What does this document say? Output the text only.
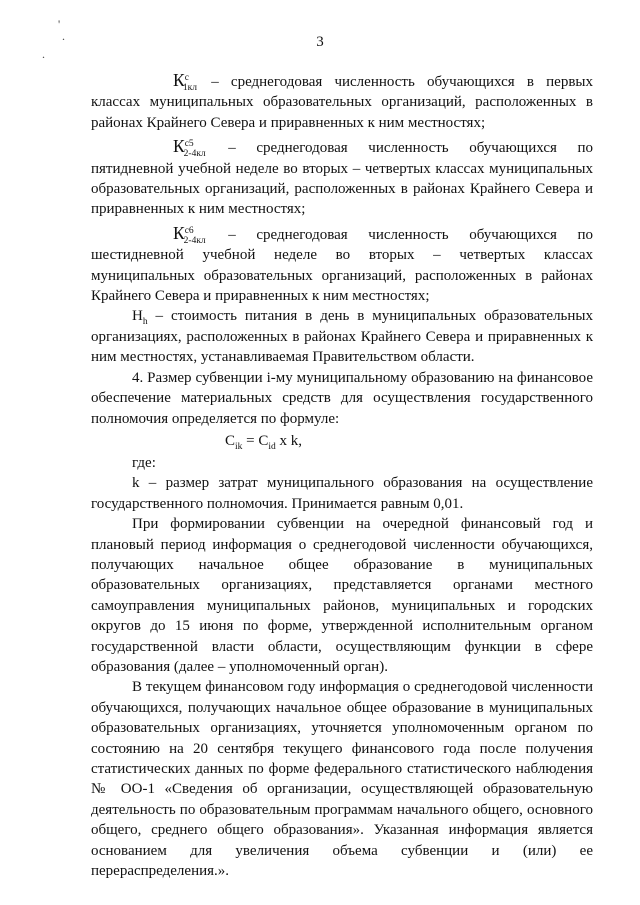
'
.
.
3

$К^c_{1кл}$ – среднегодовая численность обучающихся в первых классах муниципальных образовательных организаций, расположенных в районах Крайнего Севера и приравненных к ним местностях;

$К^{c5}_{2-4кл}$ – среднегодовая численность обучающихся по пятидневной учебной неделе во вторых – четвертых классах муниципальных образовательных организаций, расположенных в районах Крайнего Севера и приравненных к ним местностях;

$К^{c6}_{2-4кл}$ – среднегодовая численность обучающихся по шестидневной учебной неделе во вторых – четвертых классах муниципальных образовательных организаций, расположенных в районах Крайнего Севера и приравненных к ним местностях;

$Н_h$ – стоимость питания в день в муниципальных образовательных организациях, расположенных в районах Крайнего Севера и приравненных к ним местностях, устанавливаемая Правительством области.

4. Размер субвенции i-му муниципальному образованию на финансовое обеспечение материальных средств для осуществления государственного полномочия определяется по формуле:

$C_{ik} = C_{id}$ x k,

где:

k – размер затрат муниципального образования на осуществление государственного полномочия. Принимается равным 0,01.

При формировании субвенции на очередной финансовый год и плановый период информация о среднегодовой численности обучающихся, получающих начальное общее образование в муниципальных образовательных организациях, представляется органами местного самоуправления муниципальных районов, муниципальных и городских округов до 15 июня по форме, утвержденной исполнительным органом государственной власти области, осуществляющим функции в сфере образования (далее – уполномоченный орган).

В текущем финансовом году информация о среднегодовой численности обучающихся, получающих начальное общее образование в муниципальных образовательных организациях, уточняется уполномоченным органом по состоянию на 20 сентября текущего финансового года после получения статистических данных по форме федерального статистического наблюдения № ОО-1 «Сведения об организации, осуществляющей образовательную деятельность по образовательным программам начального общего, основного общего, среднего общего образования». Указанная информация является основанием для увеличения объема субвенции и (или) ее перераспределения.».
